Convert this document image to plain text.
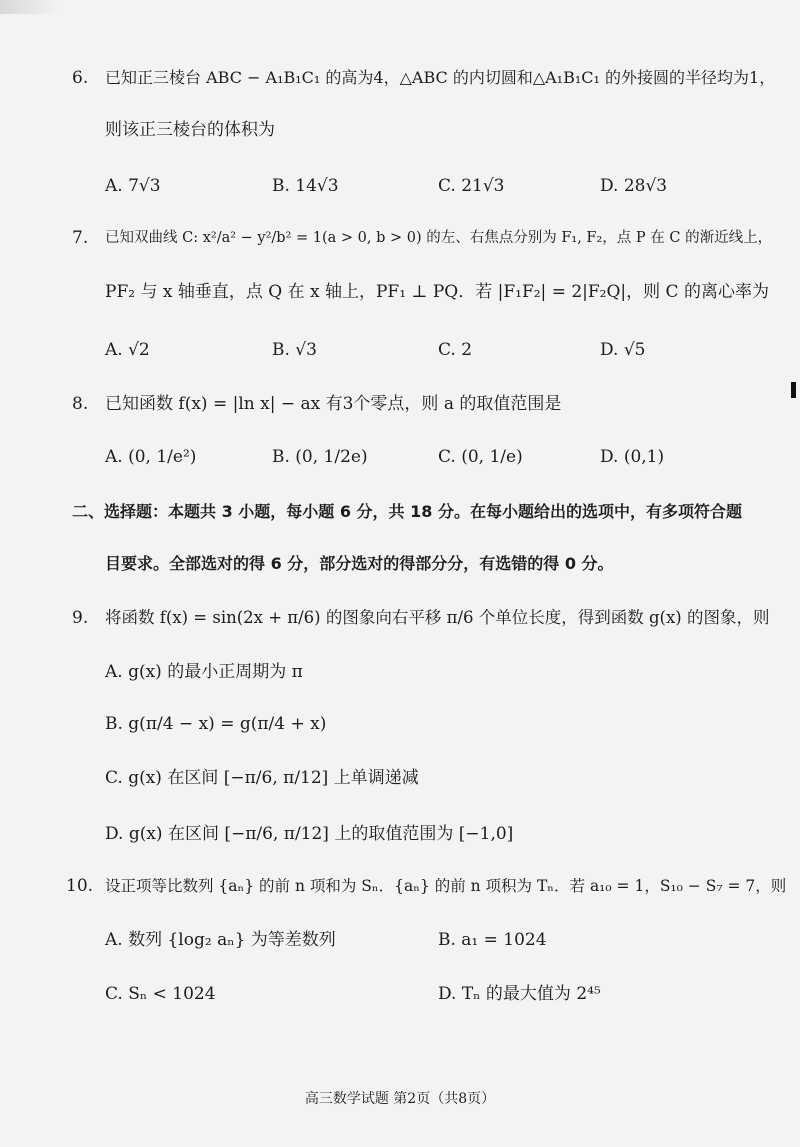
6. 已知正三棱台 ABC − A₁B₁C₁ 的高为4，△ABC 的内切圆和△A₁B₁C₁ 的外接圆的半径均为1，
则该正三棱台的体积为
A. 7√3	B. 14√3	C. 21√3	D. 28√3
7. 已知双曲线 C: x²/a² − y²/b² = 1(a > 0, b > 0) 的左、右焦点分别为 F₁, F₂，点 P 在 C 的渐近线上，
PF₂ 与 x 轴垂直，点 Q 在 x 轴上，PF₁ ⊥ PQ．若 |F₁F₂| = 2|F₂Q|，则 C 的离心率为
A. √2	B. √3	C. 2	D. √5
8. 已知函数 f(x) = |ln x| − ax 有3个零点，则 a 的取值范围是
A. (0, 1/e²)	B. (0, 1/2e)	C. (0, 1/e)	D. (0,1)
二、选择题：本题共 3 小题，每小题 6 分，共 18 分。在每小题给出的选项中，有多项符合题
目要求。全部选对的得 6 分，部分选对的得部分分，有选错的得 0 分。
9. 将函数 f(x) = sin(2x + π/6) 的图象向右平移 π/6 个单位长度，得到函数 g(x) 的图象，则
A. g(x) 的最小正周期为 π
B. g(π/4 − x) = g(π/4 + x)
C. g(x) 在区间 [−π/6, π/12] 上单调递减
D. g(x) 在区间 [−π/6, π/12] 上的取值范围为 [−1,0]
10. 设正项等比数列 {aₙ} 的前 n 项和为 Sₙ．{aₙ} 的前 n 项积为 Tₙ．若 a₁₀ = 1，S₁₀ − S₇ = 7，则
A. 数列 {log₂ aₙ} 为等差数列	B. a₁ = 1024
C. Sₙ < 1024	D. Tₙ 的最大值为 2⁴⁵
高三数学试题 第2页（共8页）
